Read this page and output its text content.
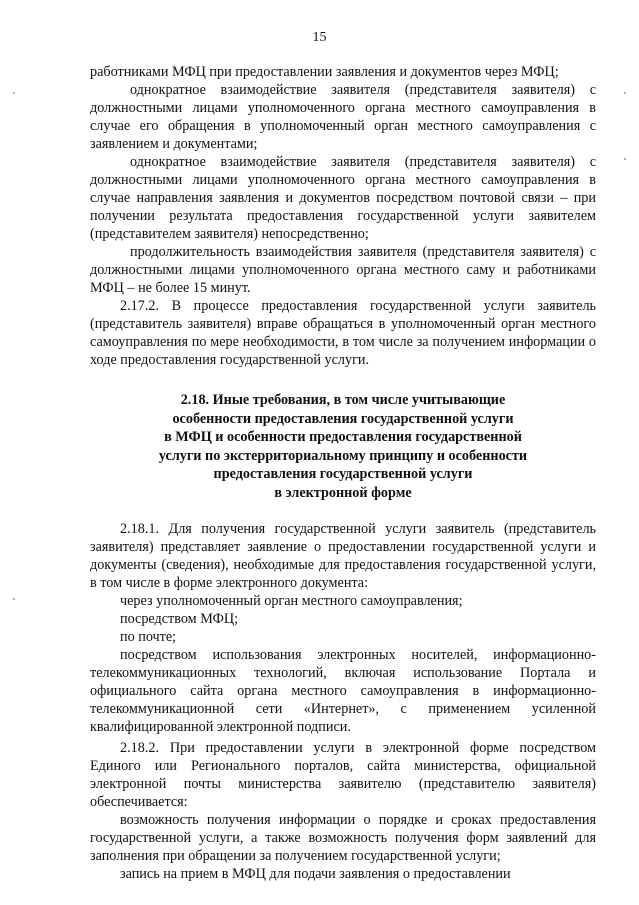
15

работниками МФЦ при предоставлении заявления и документов через МФЦ;

однократное взаимодействие заявителя (представителя заявителя) с должностными лицами уполномоченного органа местного самоуправления в случае его обращения в уполномоченный орган местного самоуправления с заявлением и документами;

однократное взаимодействие заявителя (представителя заявителя) с должностными лицами уполномоченного органа местного самоуправления в случае направления заявления и документов посредством почтовой связи – при получении результата предоставления государственной услуги заявителем (представителем заявителя) непосредственно;

продолжительность взаимодействия заявителя (представителя заявителя) с должностными лицами уполномоченного органа местного саму и работниками МФЦ – не более 15 минут.

2.17.2. В процессе предоставления государственной услуги заявитель (представитель заявителя) вправе обращаться в уполномоченный орган местного самоуправления по мере необходимости, в том числе за получением информации о ходе предоставления государственной услуги.

2.18. Иные требования, в том числе учитывающие
особенности предоставления государственной услуги
в МФЦ и особенности предоставления государственной
услуги по экстерриториальному принципу и особенности
предоставления государственной услуги
в электронной форме

2.18.1. Для получения государственной услуги заявитель (представитель заявителя) представляет заявление о предоставлении государственной услуги и документы (сведения), необходимые для предоставления государственной услуги, в том числе в форме электронного документа:

через уполномоченный орган местного самоуправления;

посредством МФЦ;

по почте;

посредством использования электронных носителей, информационно-телекоммуникационных технологий, включая использование Портала и официального сайта органа местного самоуправления в информационно-телекоммуникационной сети «Интернет», с применением усиленной квалифицированной электронной подписи.

2.18.2. При предоставлении услуги в электронной форме посредством Единого или Регионального порталов, сайта министерства, официальной электронной почты министерства заявителю (представителю заявителя) обеспечивается:

возможность получения информации о порядке и сроках предоставления государственной услуги, а также возможность получения форм заявлений для заполнения при обращении за получением государственной услуги;

запись на прием в МФЦ для подачи заявления о предоставлении
